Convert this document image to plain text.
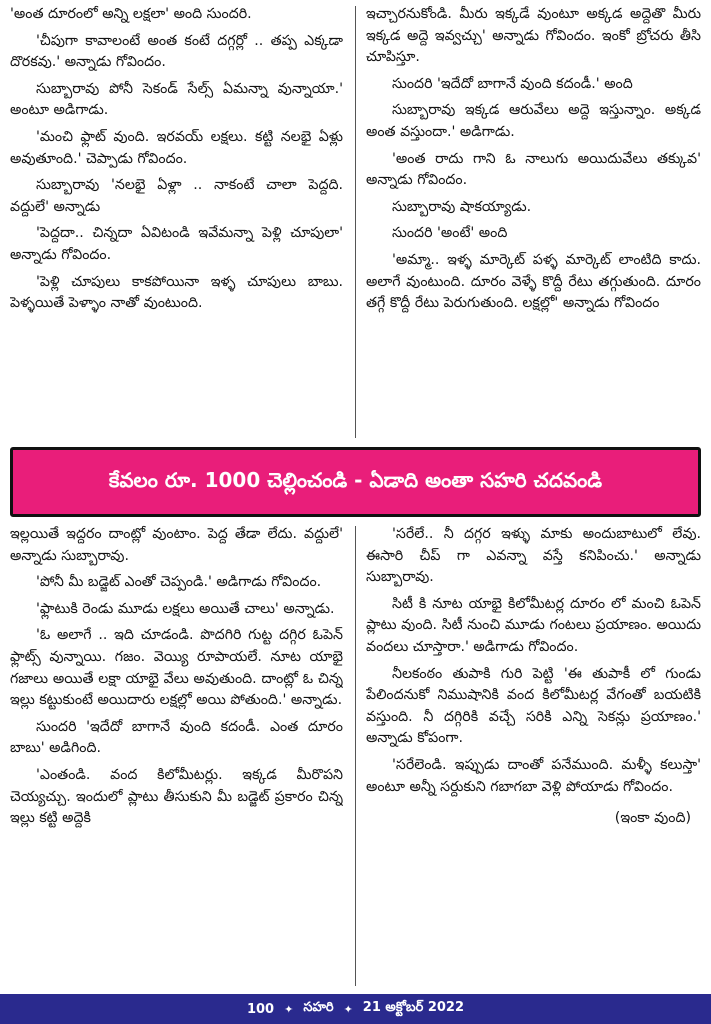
'అంత దూరంలో అన్ని లక్షలా' అంది సుందరి.

'చీపుగా కావాలంటే అంత కంటే దగ్గర్లో .. తప్ప ఎక్కడా దొరకవు.' అన్నాడు గోవిందం.

సుబ్బారావు పోనీ సెకండ్ సేల్స్ ఏమన్నా వున్నాయా.' అంటూ అడిగాడు.

'మంచి ఫ్లాట్ వుంది. ఇరవయ్ లక్షలు. కట్టి నలభై ఏళ్లు అవుతూంది.' చెప్పాడు గోవిందం.

సుబ్బారావు 'నలభై ఏళ్లా .. నాకంటే చాలా పెద్దది. వద్దులే' అన్నాడు

'పెద్దదా.. చిన్నదా ఏవిటండి ఇవేమన్నా పెళ్లి చూపులా' అన్నాడు గోవిందం.

'పెళ్లి చూపులు కాకపోయినా ఇళ్ళ చూపులు బాబు. పెళ్ళయితే పెళ్ళాం నాతో వుంటుంది.

ఇచ్చారనుకోండి. మీరు ఇక్కడే వుంటూ అక్కడ అద్దెతొ మీరు ఇక్కడ అద్దె ఇవ్వచ్చు' అన్నాడు గోవిందం. ఇంకో బ్రోచరు తీసి చూపిస్తూ.

సుందరి 'ఇదేదో బాగానే వుంది కదండీ.' అంది

సుబ్బారావు ఇక్కడ ఆరువేలు అద్దె ఇస్తున్నాం. అక్కడ అంత వస్తుందా.' అడిగాడు.

'అంత రాదు గాని ఓ నాలుగు అయిదువేలు తక్కువ' అన్నాడు గోవిందం.

సుబ్బారావు షాకయ్యాడు.

సుందరి 'అంటే' అంది

'అమ్మా.. ఇళ్ళ మార్కెట్ పళ్ళ మార్కెట్ లాంటిది కాదు. అలాగే వుంటుంది. దూరం వెళ్ళే కొద్దీ రేటు తగ్గుతుంది. దూరం తగ్గే కొద్దీ రేటు పెరుగుతుంది. లక్షల్లో' అన్నాడు గోవిందం

కేవలం రూ. 1000 చెల్లించండి - ఏడాది అంతా సహరి చదవండి

ఇల్లయితే ఇద్దరం దాంట్లో వుంటాం. పెద్ద తేడా లేదు. వద్దులే' అన్నాడు సుబ్బారావు.

'పోనీ మీ బడ్జెట్ ఎంతో చెప్పండి.' అడిగాడు గోవిందం.

'ఫ్లాటుకి రెండు మూడు లక్షలు అయితే చాలు' అన్నాడు.

'ఓ అలాగే .. ఇది చూడండి. పొదగిరి గుట్ట దగ్గిర ఓపెన్ ఫ్లాట్స్ వున్నాయి. గజం. వెయ్యి రూపాయలే. నూట యాభై గజాలు అయితే లక్షా యాభై వేలు అవుతుంది. దాంట్లో ఓ చిన్న ఇల్లు కట్టుకుంటే అయిదారు లక్షల్లో అయి పోతుంది.' అన్నాడు.

సుందరి 'ఇదేదో బాగానే వుంది కదండీ. ఎంత దూరం బాబు' అడిగింది.

'ఎంతండి. వంద కిలోమీటర్లు. ఇక్కడ మీరొపని చెయ్యచ్చు. ఇందులో ప్లాటు తీసుకుని మీ బడ్జెట్ ప్రకారం చిన్న ఇల్లు కట్టి అద్దెకి

'సరేలే.. నీ దగ్గర ఇళ్ళు మాకు అందుబాటులో లేవు. ఈసారి చీప్ గా ఎవన్నా వస్తే కనిపించు.' అన్నాడు సుబ్బారావు.

సిటీ కి నూట యాభై కిలోమీటర్ల దూరం లో మంచి ఓపెన్ ప్లాటు వుంది. సిటీ నుంచి మూడు గంటలు ప్రయాణం. అయిదు వందలు చూస్తారా.' అడిగాడు గోవిందం.

నీలకంఠం తుపాకి గురి పెట్టి 'ఈ తుపాకీ లో గుండు పేలిందనుకో నిముషానికి వంద కిలోమీటర్ల వేగంతో బయటికి వస్తుంది. నీ దగ్గిరికి వచ్చే సరికి ఎన్ని సెకన్లు ప్రయాణం.' అన్నాడు కోపంగా.

'సరేలెండి. ఇప్పుడు దాంతో పనేముంది. మళ్ళీ కలుస్తా' అంటూ అన్నీ సర్దుకుని గబాగబా వెళ్లి పోయాడు గోవిందం.

(ఇంకా వుంది)

100 ✦ సహరి ✦ 21 అక్టోబర్ 2022
